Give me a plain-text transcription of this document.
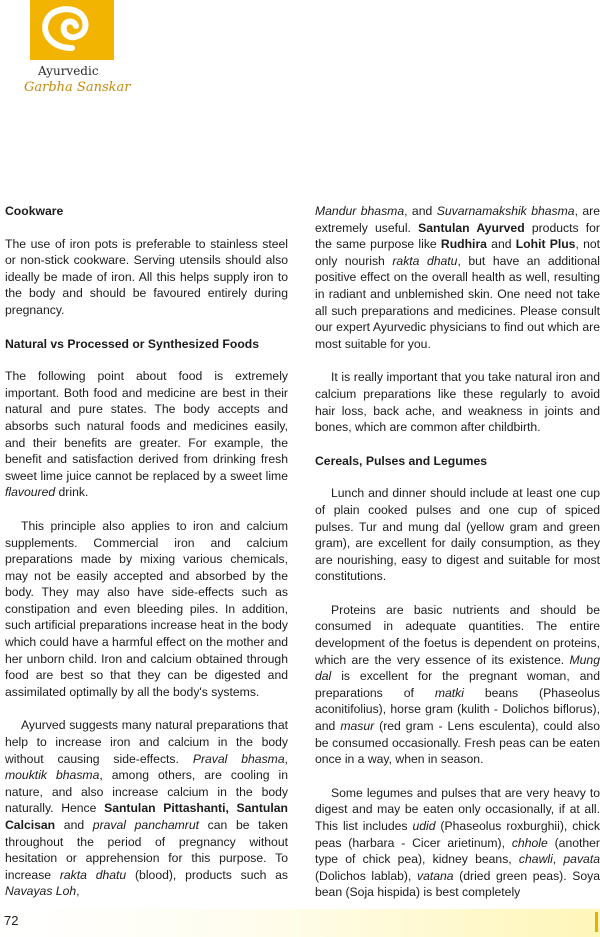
Ayurvedic
Garbha Sanskar
Cookware

The use of iron pots is preferable to stainless steel or non-stick cookware. Serving utensils should also ideally be made of iron. All this helps supply iron to the body and should be favoured entirely during pregnancy.

Natural vs Processed or Synthesized Foods

The following point about food is extremely important. Both food and medicine are best in their natural and pure states. The body accepts and absorbs such natural foods and medicines easily, and their benefits are greater. For example, the benefit and satisfaction derived from drinking fresh sweet lime juice cannot be replaced by a sweet lime flavoured drink.

This principle also applies to iron and calcium supplements. Commercial iron and calcium preparations made by mixing various chemicals, may not be easily accepted and absorbed by the body. They may also have side-effects such as constipation and even bleeding piles. In addition, such artificial preparations increase heat in the body which could have a harmful effect on the mother and her unborn child. Iron and calcium obtained through food are best so that they can be digested and assimilated optimally by all the body's systems.

Ayurved suggests many natural preparations that help to increase iron and calcium in the body without causing side-effects. Praval bhasma, mouktik bhasma, among others, are cooling in nature, and also increase calcium in the body naturally. Hence Santulan Pittashanti, Santulan Calcisan and praval panchamrut can be taken throughout the period of pregnancy without hesitation or apprehension for this purpose. To increase rakta dhatu (blood), products such as Navayas Loh,

Mandur bhasma, and Suvarnamakshik bhasma, are extremely useful. Santulan Ayurved products for the same purpose like Rudhira and Lohit Plus, not only nourish rakta dhatu, but have an additional positive effect on the overall health as well, resulting in radiant and unblemished skin. One need not take all such preparations and medicines. Please consult our expert Ayurvedic physicians to find out which are most suitable for you.

It is really important that you take natural iron and calcium preparations like these regularly to avoid hair loss, back ache, and weakness in joints and bones, which are common after childbirth.

Cereals, Pulses and Legumes

Lunch and dinner should include at least one cup of plain cooked pulses and one cup of spiced pulses. Tur and mung dal (yellow gram and green gram), are excellent for daily consumption, as they are nourishing, easy to digest and suitable for most constitutions.

Proteins are basic nutrients and should be consumed in adequate quantities. The entire development of the foetus is dependent on proteins, which are the very essence of its existence. Mung dal is excellent for the pregnant woman, and preparations of matki beans (Phaseolus aconitifolius), horse gram (kulith - Dolichos biflorus), and masur (red gram - Lens esculenta), could also be consumed occasionally. Fresh peas can be eaten once in a way, when in season.

Some legumes and pulses that are very heavy to digest and may be eaten only occasionally, if at all. This list includes udid (Phaseolus roxburghii), chick peas (harbara - Cicer arietinum), chhole (another type of chick pea), kidney beans, chawli, pavata (Dolichos lablab), vatana (dried green peas). Soya bean (Soja hispida) is best completely

72
